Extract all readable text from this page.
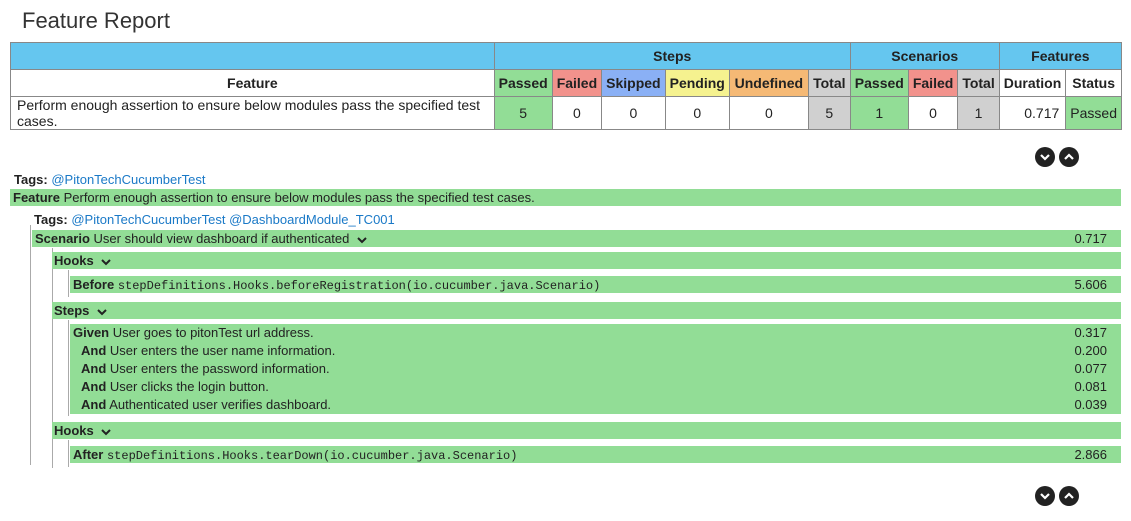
Feature Report
	Steps						Scenarios			Features	
Feature	Passed	Failed	Skipped	Pending	Undefined	Total	Passed	Failed	Total	Duration	Status
Perform enough assertion to ensure below modules pass the specified test cases.	5	0	0	0	0	5	1	0	1	0.717	Passed
Tags: @PitonTechCucumberTest
Feature Perform enough assertion to ensure below modules pass the specified test cases.
Tags: @PitonTechCucumberTest @DashboardModule_TC001
Scenario User should view dashboard if authenticated	0.717
Hooks
Before stepDefinitions.Hooks.beforeRegistration(io.cucumber.java.Scenario)	5.606
Steps
Given User goes to pitonTest url address.	0.317
And User enters the user name information.	0.200
And User enters the password information.	0.077
And User clicks the login button.	0.081
And Authenticated user verifies dashboard.	0.039
Hooks
After stepDefinitions.Hooks.tearDown(io.cucumber.java.Scenario)	2.866
